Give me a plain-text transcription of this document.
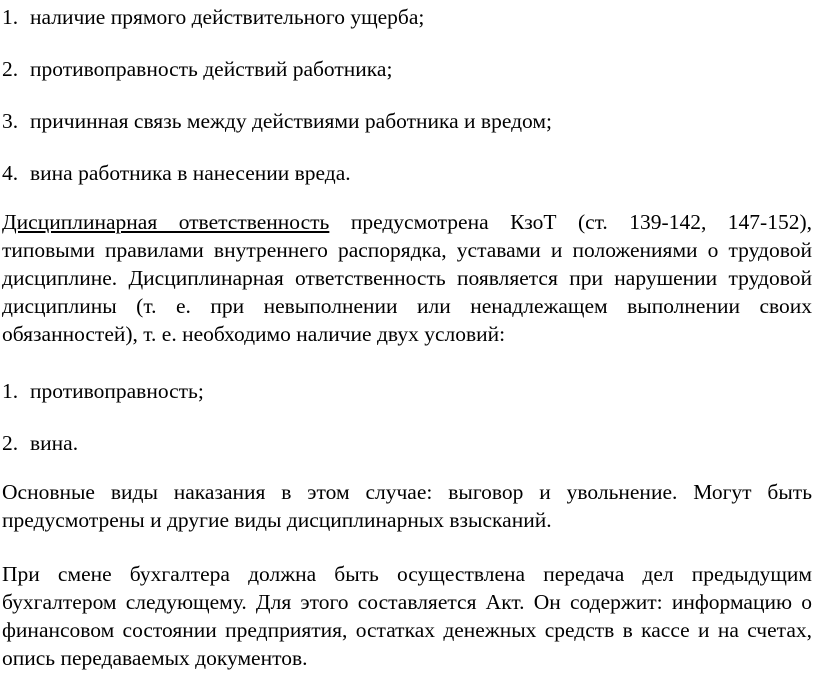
1. наличие прямого действительного ущерба;
2. противоправность действий работника;
3. причинная связь между действиями работника и вредом;
4. вина работника в нанесении вреда.

Дисциплинарная ответственность предусмотрена КзоТ (ст. 139-142, 147-152), типовыми правилами внутреннего распорядка, уставами и положениями о трудовой дисциплине. Дисциплинарная ответственность появляется при нарушении трудовой дисциплины (т. е. при невыполнении или ненадлежащем выполнении своих обязанностей), т. е. необходимо наличие двух условий:

1. противоправность;
2. вина.

Основные виды наказания в этом случае: выговор и увольнение. Могут быть предусмотрены и другие виды дисциплинарных взысканий.

При смене бухгалтера должна быть осуществлена передача дел предыдущим бухгалтером следующему. Для этого составляется Акт. Он содержит: информацию о финансовом состоянии предприятия, остатках денежных средств в кассе и на счетах, опись передаваемых документов.
